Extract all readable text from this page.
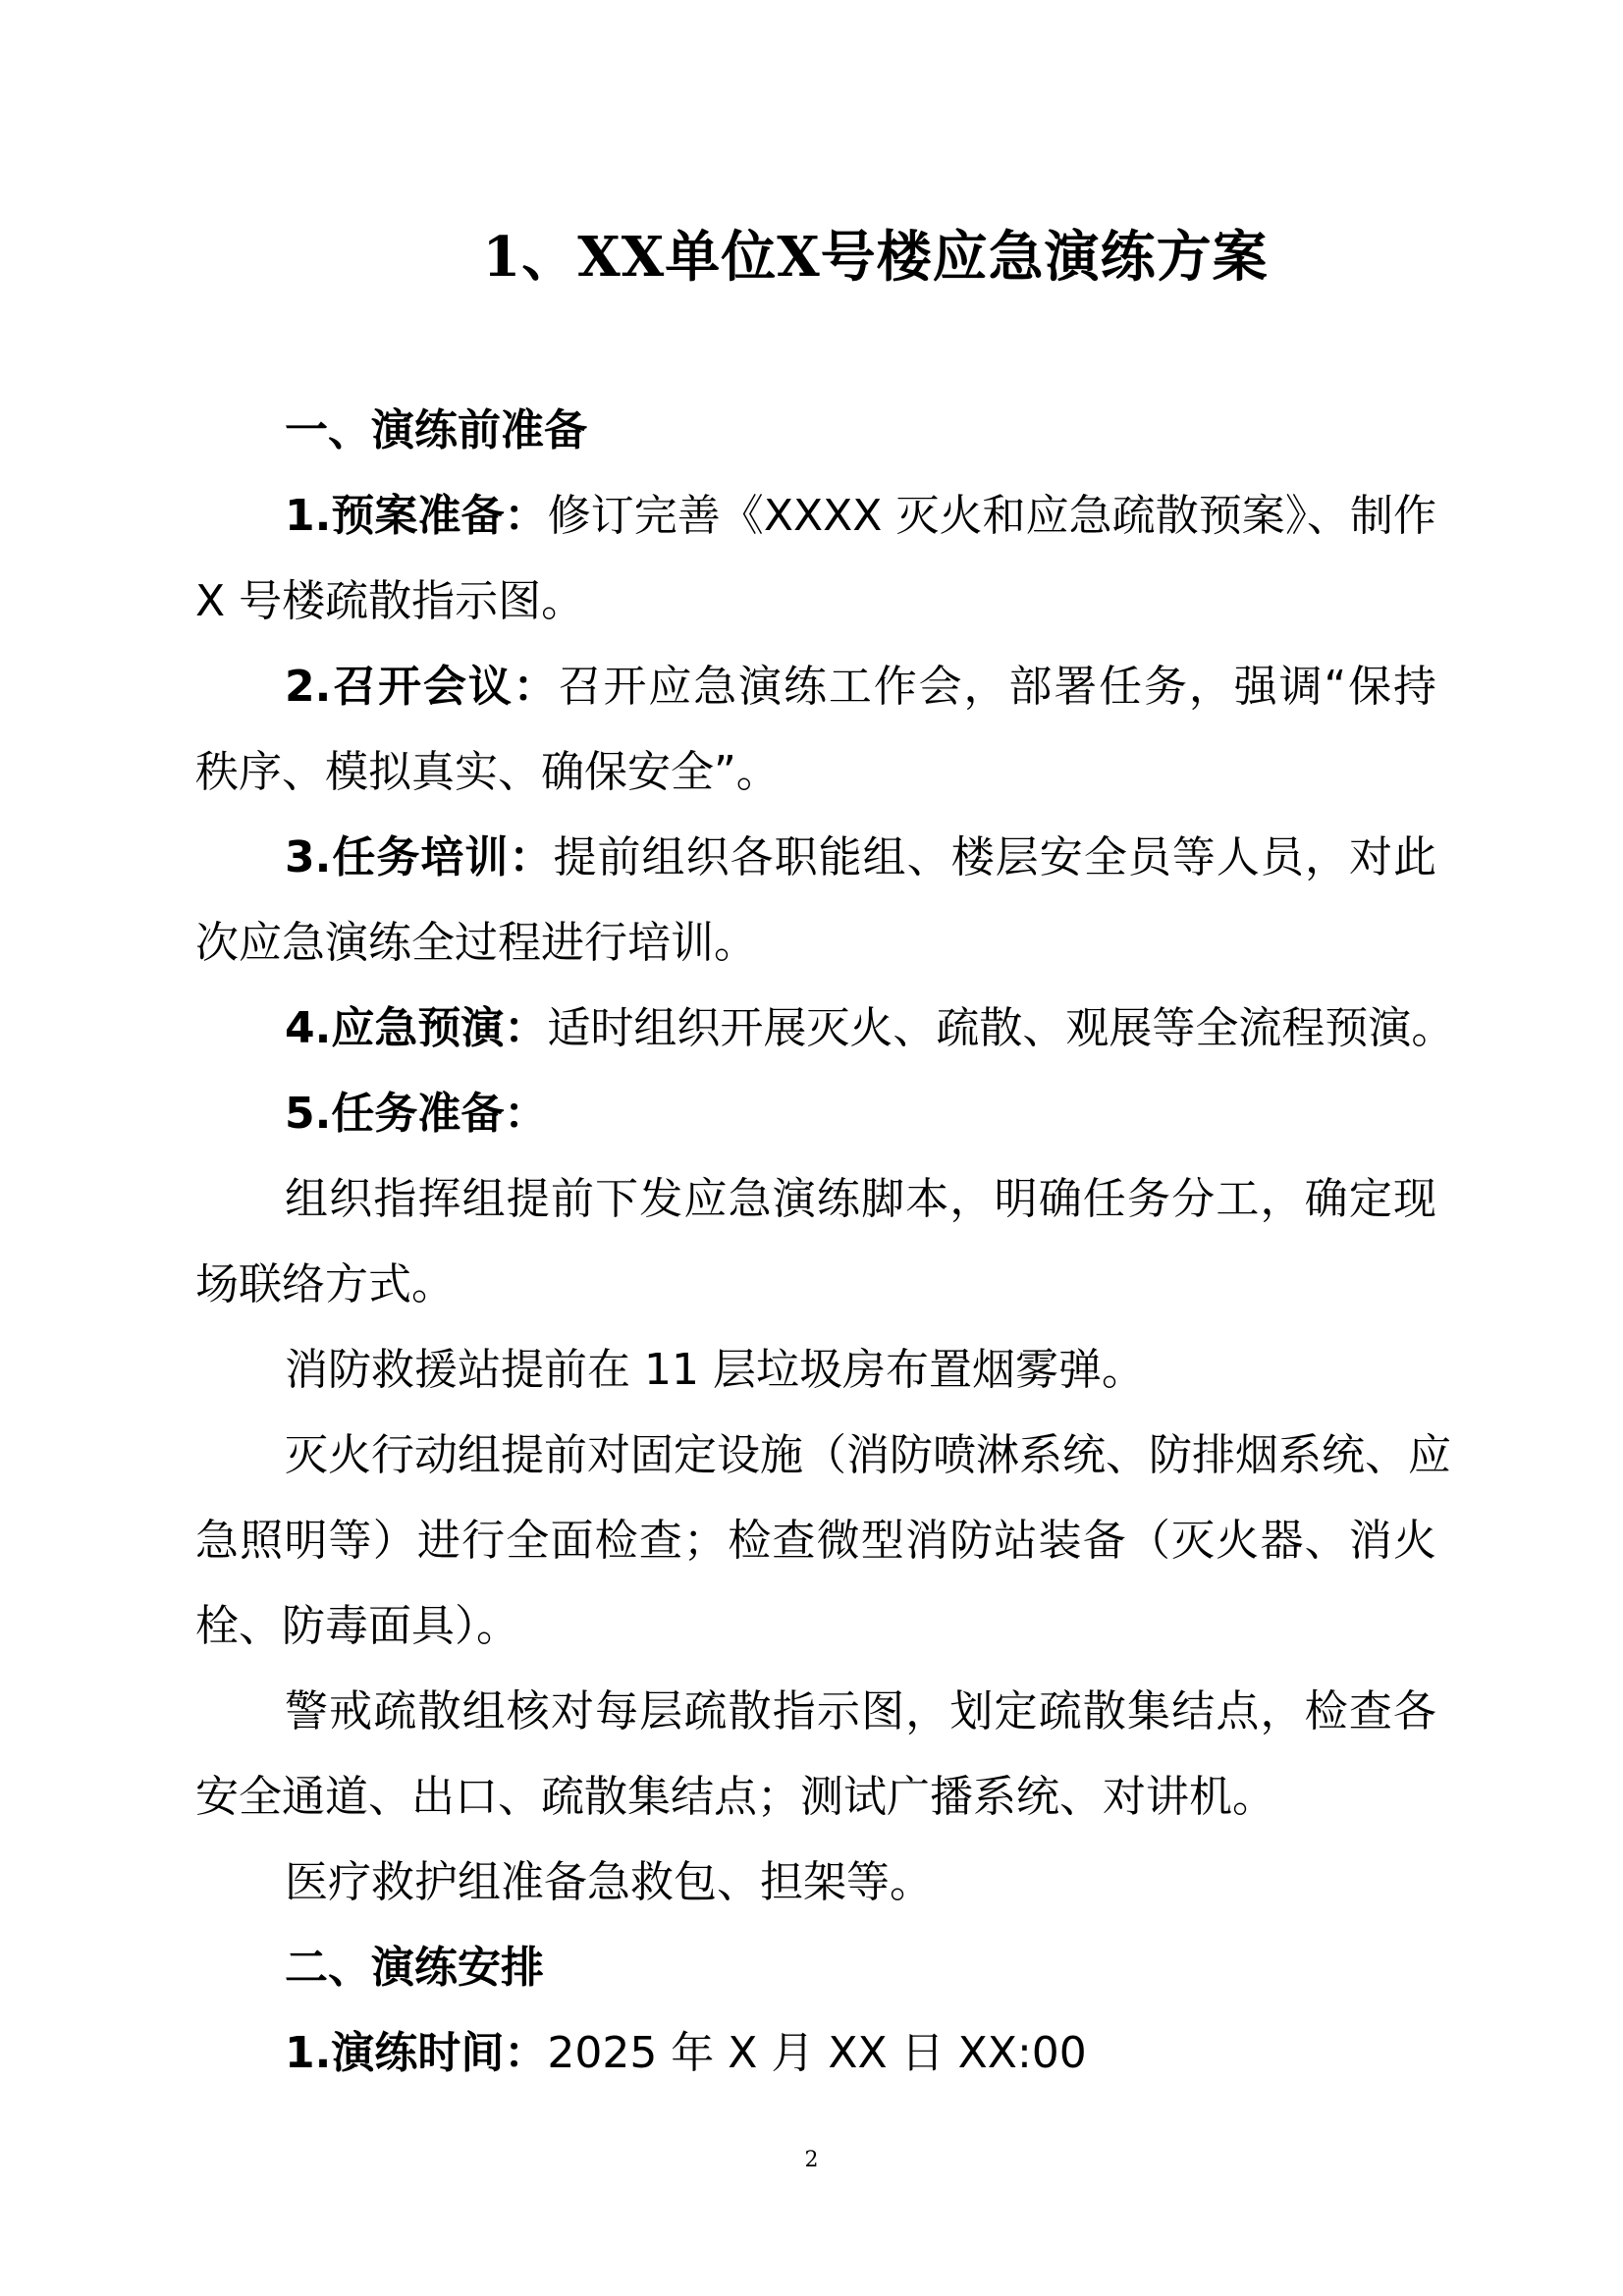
1、XX单位X号楼应急演练方案
一、演练前准备
1.预案准备：修订完善《XXXX 灭火和应急疏散预案》、制作
X 号楼疏散指示图。
2.召开会议：召开应急演练工作会，部署任务，强调“保持
秩序、模拟真实、确保安全”。
3.任务培训：提前组织各职能组、楼层安全员等人员，对此
次应急演练全过程进行培训。
4.应急预演：适时组织开展灭火、疏散、观展等全流程预演。
5.任务准备：
组织指挥组提前下发应急演练脚本，明确任务分工，确定现
场联络方式。
消防救援站提前在 11 层垃圾房布置烟雾弹。
灭火行动组提前对固定设施（消防喷淋系统、防排烟系统、应
急照明等）进行全面检查；检查微型消防站装备（灭火器、消火
栓、防毒面具）。
警戒疏散组核对每层疏散指示图，划定疏散集结点，检查各
安全通道、出口、疏散集结点；测试广播系统、对讲机。
医疗救护组准备急救包、担架等。
二、演练安排
1.演练时间：2025 年 X 月 XX 日 XX:00
2
